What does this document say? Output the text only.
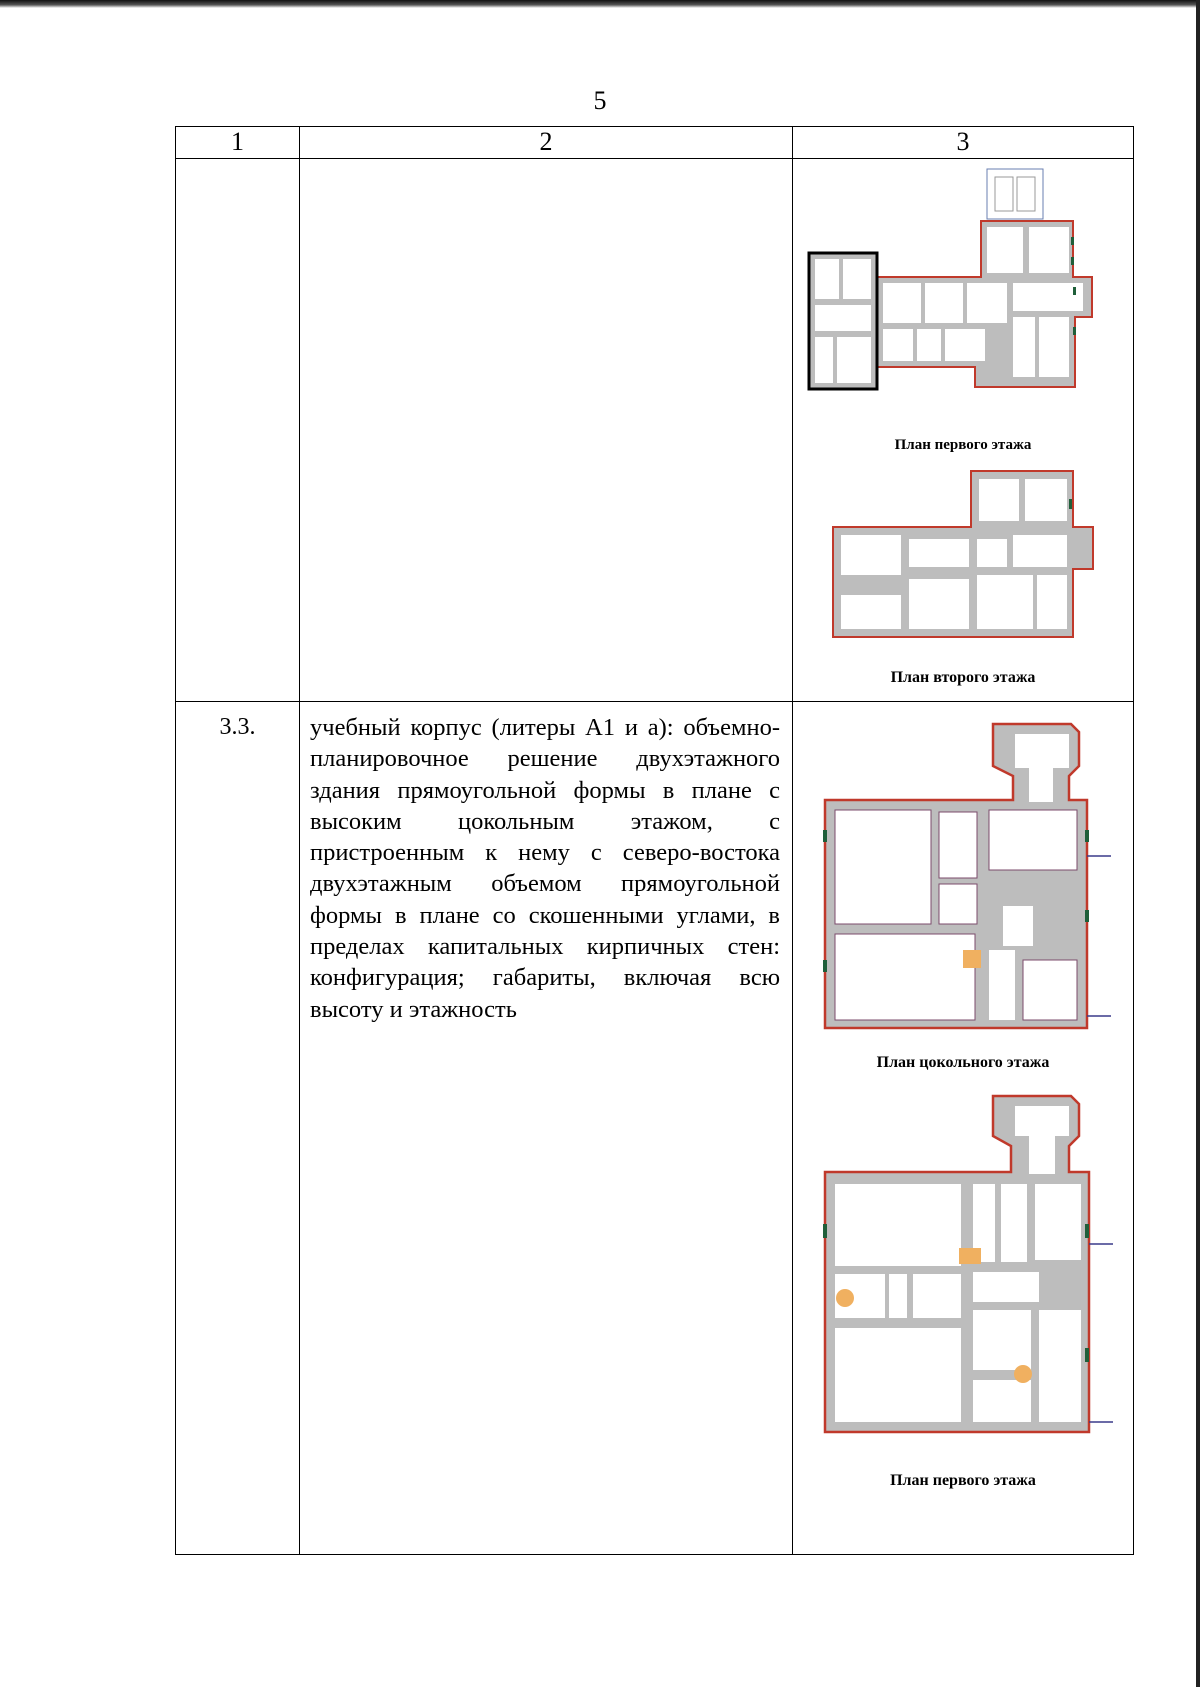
5
1	2	3

		План первого этажа
План второго этажа

3.3.	учебный корпус (литеры А1 и а): объемно-планировочное решение двухэтажного здания прямоугольной формы в плане с высоким цокольным этажом, с пристроенным к нему с северо-востока двухэтажным объемом прямоугольной формы в плане со скошенными углами, в пределах капитальных кирпичных стен: конфигурация; габариты, включая всю высоту и этажность	План цокольного этажа
План первого этажа
